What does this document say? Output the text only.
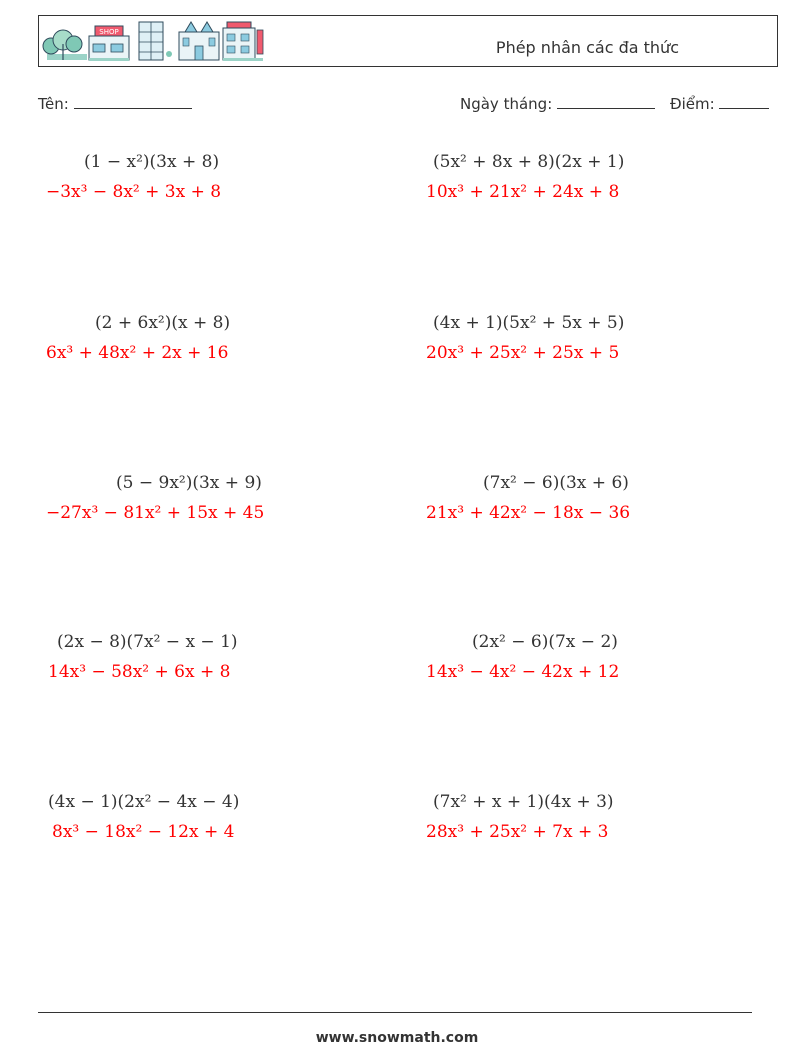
SHOP
Phép nhân các đa thức
Tên:	Ngày tháng:	Điểm:
(1 − x²)(3x + 8)
−3x³ − 8x² + 3x + 8
(5x² + 8x + 8)(2x + 1)
10x³ + 21x² + 24x + 8
(2 + 6x²)(x + 8)
6x³ + 48x² + 2x + 16
(4x + 1)(5x² + 5x + 5)
20x³ + 25x² + 25x + 5
(5 − 9x²)(3x + 9)
−27x³ − 81x² + 15x + 45
(7x² − 6)(3x + 6)
21x³ + 42x² − 18x − 36
(2x − 8)(7x² − x − 1)
14x³ − 58x² + 6x + 8
(2x² − 6)(7x − 2)
14x³ − 4x² − 42x + 12
(4x − 1)(2x² − 4x − 4)
8x³ − 18x² − 12x + 4
(7x² + x + 1)(4x + 3)
28x³ + 25x² + 7x + 3
www.snowmath.com
